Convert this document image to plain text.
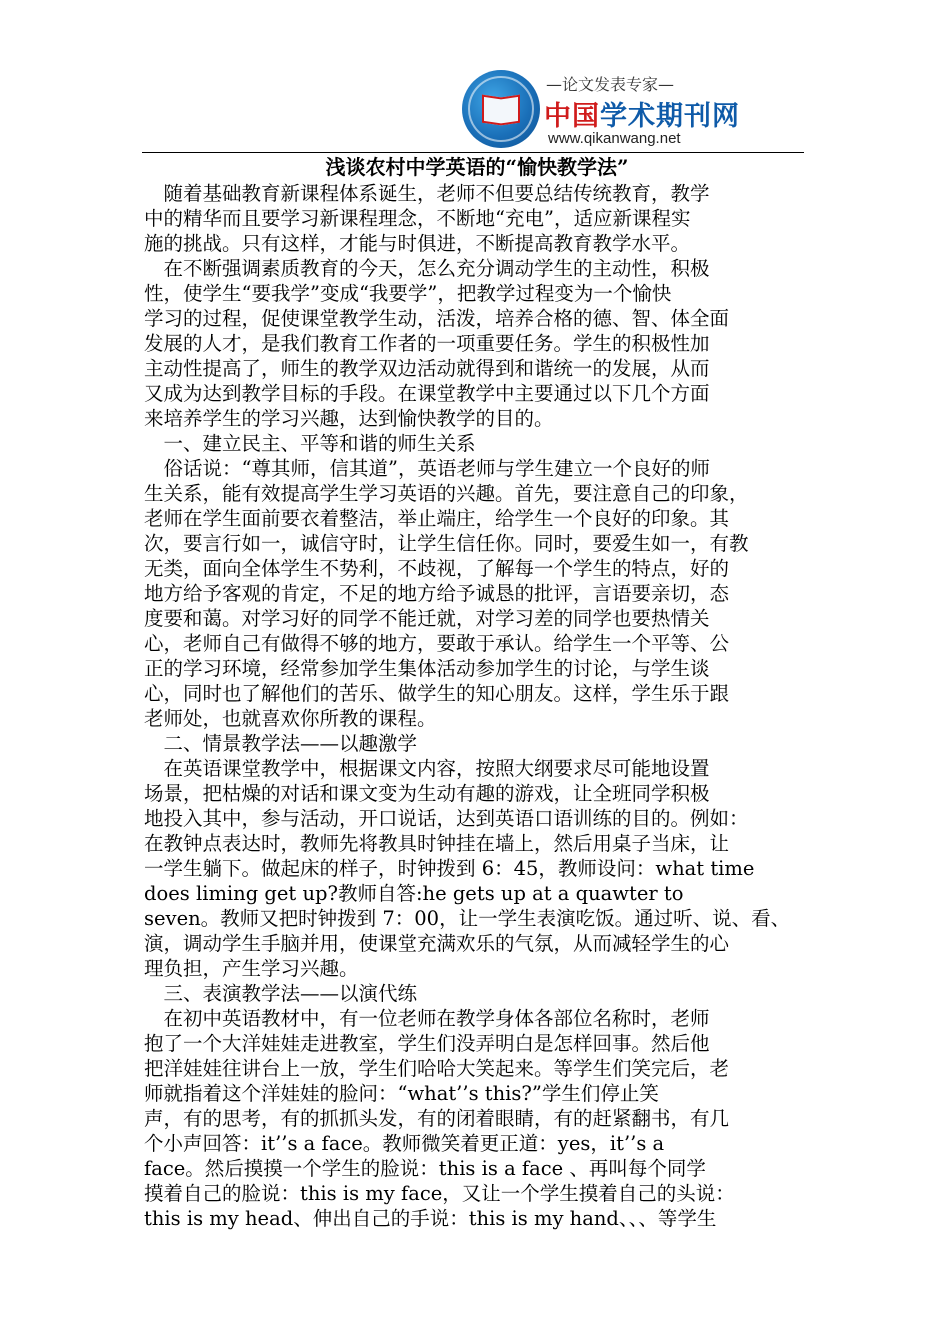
—论文发表专家—
中国学术期刊网
www.qikanwang.net
浅谈农村中学英语的“愉快教学法”
　随着基础教育新课程体系诞生，老师不但要总结传统教育，教学
中的精华而且要学习新课程理念，不断地“充电”，适应新课程实
施的挑战。只有这样，才能与时俱进，不断提高教育教学水平。
　在不断强调素质教育的今天，怎么充分调动学生的主动性，积极
性，使学生“要我学”变成“我要学”，把教学过程变为一个愉快
学习的过程，促使课堂教学生动，活泼，培养合格的德、智、体全面
发展的人才，是我们教育工作者的一项重要任务。学生的积极性加
主动性提高了，师生的教学双边活动就得到和谐统一的发展，从而
又成为达到教学目标的手段。在课堂教学中主要通过以下几个方面
来培养学生的学习兴趣，达到愉快教学的目的。
　一、建立民主、平等和谐的师生关系
　俗话说：“尊其师，信其道”，英语老师与学生建立一个良好的师
生关系，能有效提高学生学习英语的兴趣。首先，要注意自己的印象，
老师在学生面前要衣着整洁，举止端庄，给学生一个良好的印象。其
次，要言行如一，诚信守时，让学生信任你。同时，要爱生如一，有教
无类，面向全体学生不势利，不歧视，了解每一个学生的特点，好的
地方给予客观的肯定，不足的地方给予诚恳的批评，言语要亲切，态
度要和蔼。对学习好的同学不能迁就，对学习差的同学也要热情关
心，老师自己有做得不够的地方，要敢于承认。给学生一个平等、公
正的学习环境，经常参加学生集体活动参加学生的讨论，与学生谈
心，同时也了解他们的苦乐、做学生的知心朋友。这样，学生乐于跟
老师处，也就喜欢你所教的课程。
　二、情景教学法——以趣激学
　在英语课堂教学中，根据课文内容，按照大纲要求尽可能地设置
场景，把枯燥的对话和课文变为生动有趣的游戏，让全班同学积极
地投入其中，参与活动，开口说话，达到英语口语训练的目的。例如：
在教钟点表达时，教师先将教具时钟挂在墙上，然后用桌子当床，让
一学生躺下。做起床的样子，时钟拨到 6：45，教师设问：what time
does liming get up?教师自答:he gets up at a quawter to
seven。教师又把时钟拨到 7：00，让一学生表演吃饭。通过听、说、看、
演，调动学生手脑并用，使课堂充满欢乐的气氛，从而减轻学生的心
理负担，产生学习兴趣。
　三、表演教学法——以演代练
　在初中英语教材中，有一位老师在教学身体各部位名称时，老师
抱了一个大洋娃娃走进教室，学生们没弄明白是怎样回事。然后他
把洋娃娃往讲台上一放，学生们哈哈大笑起来。等学生们笑完后，老
师就指着这个洋娃娃的脸问：“what’’s this?”学生们停止笑
声，有的思考，有的抓抓头发，有的闭着眼睛，有的赶紧翻书，有几
个小声回答：it’’s a face。教师微笑着更正道：yes，it’’s a
face。然后摸摸一个学生的脸说：this is a face 、再叫每个同学
摸着自己的脸说：this is my face，又让一个学生摸着自己的头说：
this is my head、伸出自己的手说：this is my hand、、、等学生
